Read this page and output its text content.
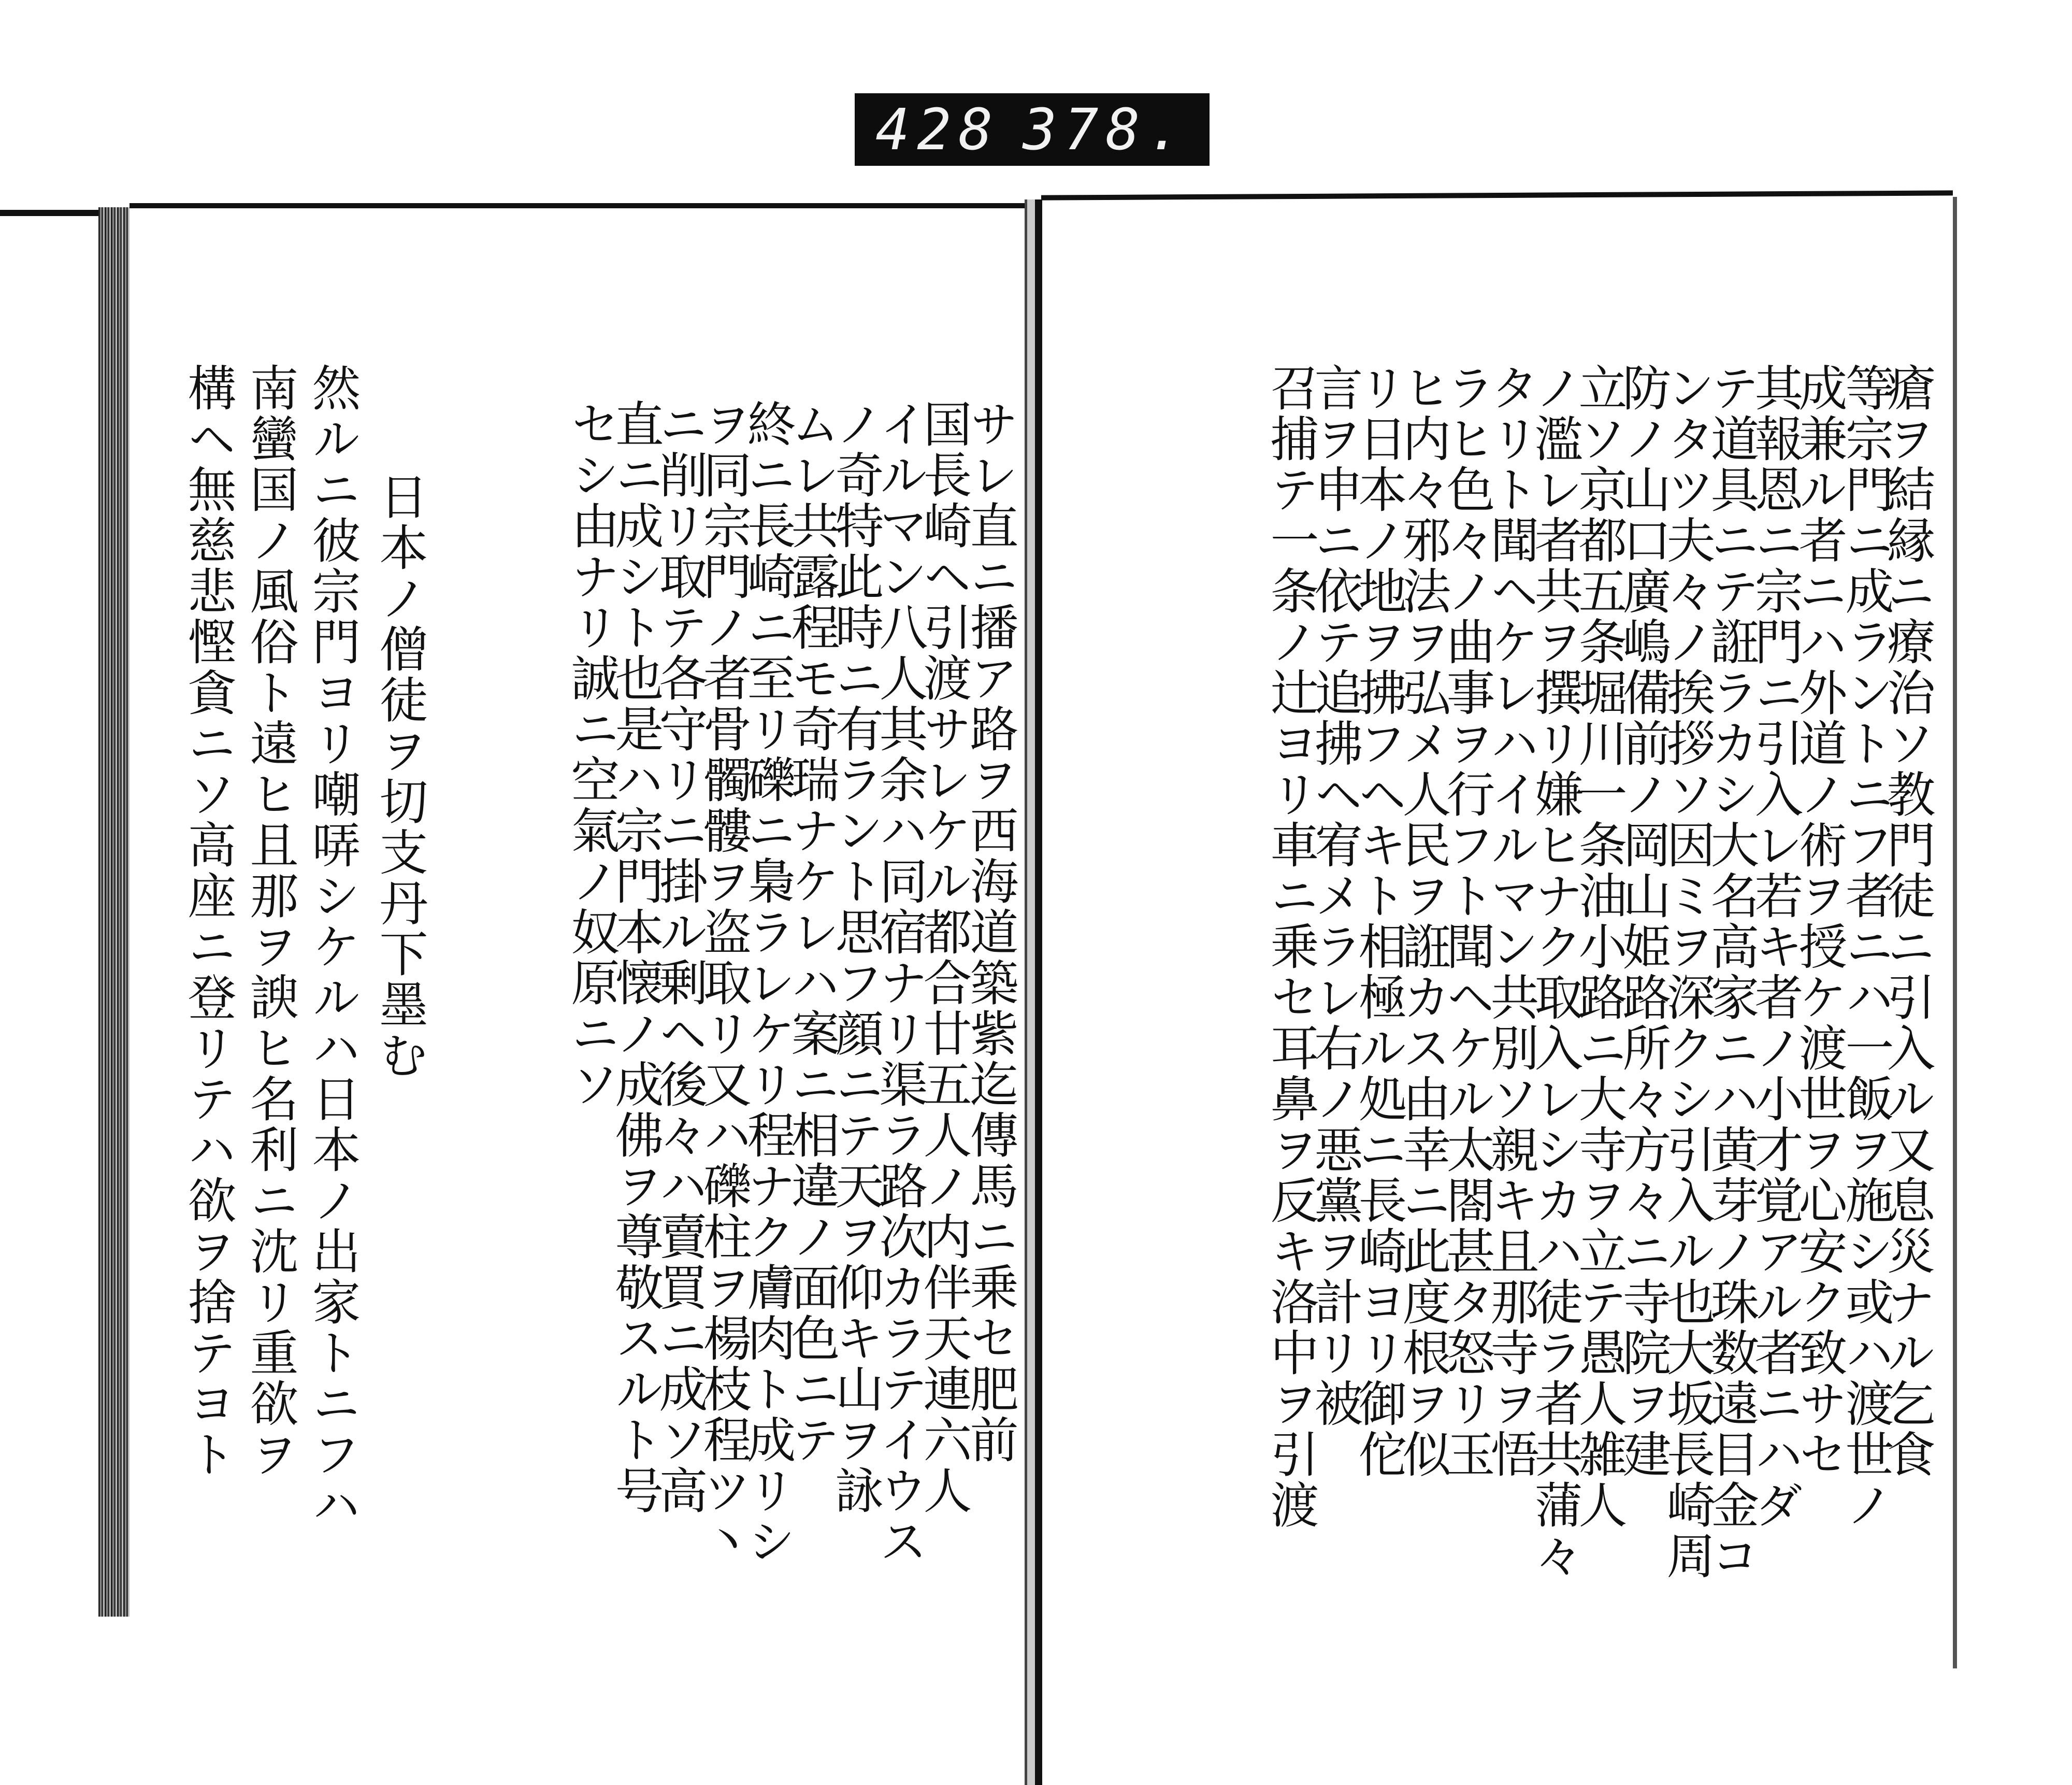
428 378.
瘡ヲ結縁ニ療治ソ教門徒ニ引入ル又息災ナル乞食
等宗門ニ成ラントニフ者ニハ一飯ヲ施シ或ハ渡世ノ
成兼ル者ニハ外道ノ術ヲ授ケ渡世ヲ心安ク致サセ
其報恩ニ宗門ニ引入レ若キ者ノ小才覚アル者ニハダ
テ道具ニテ誑ラカシ大名高家ニハ黄芽ノ珠数遠目金コ
ンタツ夫々ノ挨拶ソ因ミヲ深クシ引入ル也大坂長崎周
防ノ山口廣嶋備前ノ岡山姫路所々方々ニ寺院ヲ建
立ソ京都五条堀川一条油小路ニ大寺ヲ立テ愚人雑人
ノ濫レ者共ヲ撰リ嫌ヒナク取入レシカハ徒ラ者共蒲々
タリト聞ヘケレハイルマン共別ソ親キ且那寺ヲ悟
ラヒ色々ノ曲事ヲ行フト聞ヘケル太閤甚タ怒リ玉
ヒ内々邪法ヲ弘メ人民ヲ誑カス由幸ニ此度根ヲ似
リ日本ノ地ヲ拂フヘキト相極ル処ニ長崎ヨリ御佗
言ヲ申ニ依テ追拂ヘ宥メラレ右ノ悪黨ヲ計リ被
召捕テ一条ノ辻ヨリ車ニ乗セ耳鼻ヲ反キ洛中ヲ引渡
サレ直ニ播ア路ヲ西海道築紫迄傳馬ニ乗セ肥前
国長崎ヘ引渡サレケル都合廿五人ノ内伴天連六人
イルマン八人其余ハ同宿ナリ渠ラ路次カラテイウス
ノ奇特此時ニ有ラント思フ顔ニテ天ヲ仰キ山ヲ詠
ムレ共露程モ奇瑞ナケレハ案ニ相違ノ面色ニテ
終ニ長崎ニ至リ礫ニ梟ラレケリ程ナク膚肉ト成リシ
ヲ同宗門ノ者骨髑髏ヲ盗取リ又ハ礫柱ヲ楊枝程ツ丶
ニ削リ取テ各守リニ掛ル剰ヘ後々ハ賣買ニ成ソ高
直ニ成シト也是ハ宗門本懐ノ成佛ヲ尊敬スルト号
セシ由ナリ誠ニ空氣ノ奴原ニソ
日本ノ僧徒ヲ切支丹下墨む
然ルニ彼宗門ヨリ嘲哢シケルハ日本ノ出家トニフハ
南蠻国ノ風俗ト遠ヒ且那ヲ諛ヒ名利ニ沈リ重欲ヲ
構ヘ無慈悲慳貪ニソ高座ニ登リテハ欲ヲ捨テヨト
